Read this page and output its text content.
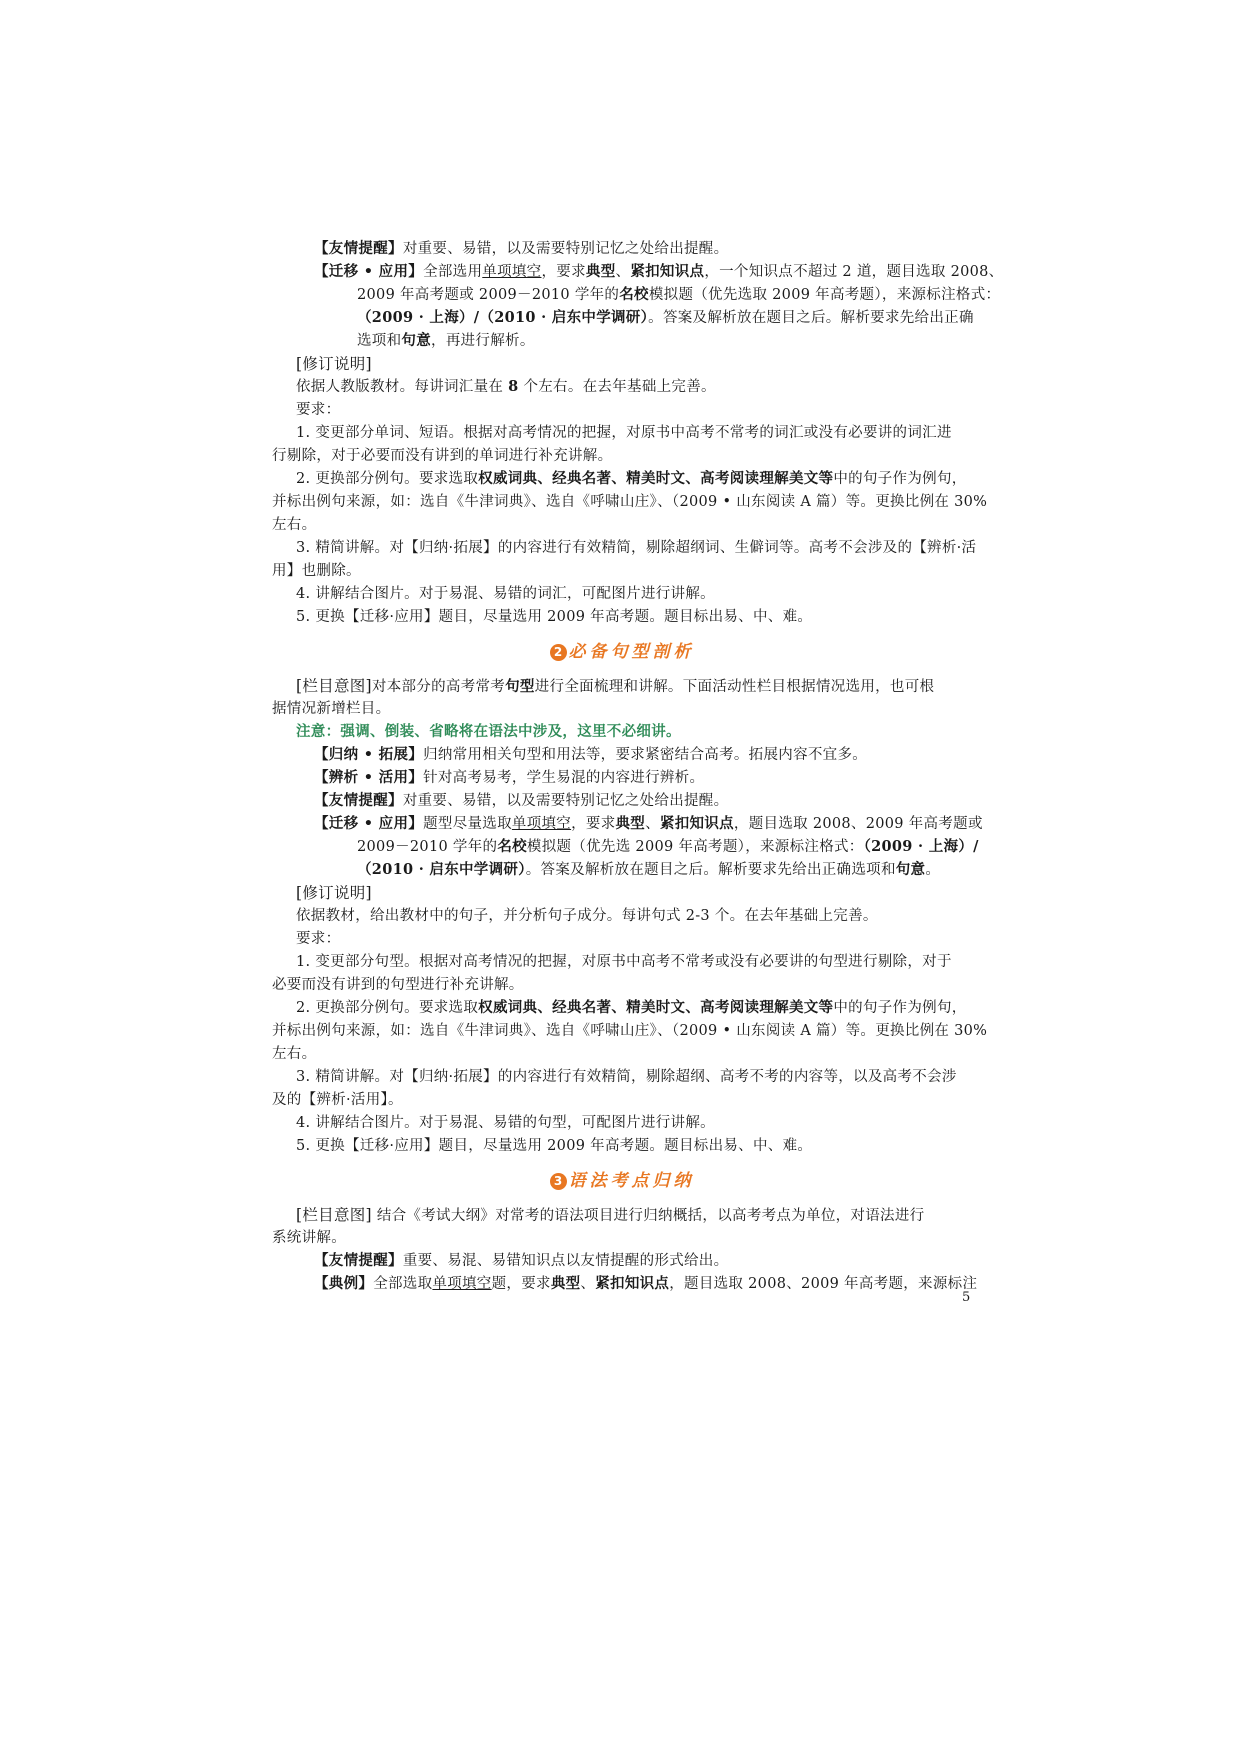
【友情提醒】对重要、易错，以及需要特别记忆之处给出提醒。
【迁移 • 应用】全部选用单项填空，要求典型、紧扣知识点，一个知识点不超过 2 道，题目选取 2008、
2009 年高考题或 2009－2010 学年的名校模拟题（优先选取 2009 年高考题），来源标注格式：
（2009 · 上海）/（2010 · 启东中学调研）。答案及解析放在题目之后。解析要求先给出正确
选项和句意，再进行解析。
[修订说明]
依据人教版教材。每讲词汇量在 8 个左右。在去年基础上完善。
要求：
1. 变更部分单词、短语。根据对高考情况的把握，对原书中高考不常考的词汇或没有必要讲的词汇进
行剔除，对于必要而没有讲到的单词进行补充讲解。
2. 更换部分例句。要求选取权威词典、经典名著、精美时文、高考阅读理解美文等中的句子作为例句，
并标出例句来源，如：选自《牛津词典》、选自《呼啸山庄》、（2009 • 山东阅读 A 篇）等。更换比例在 30%
左右。
3. 精简讲解。对【归纳·拓展】的内容进行有效精简，剔除超纲词、生僻词等。高考不会涉及的【辨析·活
用】也删除。
4. 讲解结合图片。对于易混、易错的词汇，可配图片进行讲解。
5. 更换【迁移·应用】题目，尽量选用 2009 年高考题。题目标出易、中、难。
2 必备句型剖析
[栏目意图]对本部分的高考常考句型进行全面梳理和讲解。下面活动性栏目根据情况选用，也可根
据情况新增栏目。
注意：强调、倒装、省略将在语法中涉及，这里不必细讲。
【归纳 • 拓展】归纳常用相关句型和用法等，要求紧密结合高考。拓展内容不宜多。
【辨析 • 活用】针对高考易考，学生易混的内容进行辨析。
【友情提醒】对重要、易错，以及需要特别记忆之处给出提醒。
【迁移 • 应用】题型尽量选取单项填空，要求典型、紧扣知识点，题目选取 2008、2009 年高考题或
2009－2010 学年的名校模拟题（优先选 2009 年高考题），来源标注格式：（2009 · 上海）/
（2010 · 启东中学调研）。答案及解析放在题目之后。解析要求先给出正确选项和句意。
[修订说明]
依据教材，给出教材中的句子，并分析句子成分。每讲句式 2-3 个。在去年基础上完善。
要求：
1. 变更部分句型。根据对高考情况的把握，对原书中高考不常考或没有必要讲的句型进行剔除，对于
必要而没有讲到的句型进行补充讲解。
2. 更换部分例句。要求选取权威词典、经典名著、精美时文、高考阅读理解美文等中的句子作为例句，
并标出例句来源，如：选自《牛津词典》、选自《呼啸山庄》、（2009 • 山东阅读 A 篇）等。更换比例在 30%
左右。
3. 精简讲解。对【归纳·拓展】的内容进行有效精简，剔除超纲、高考不考的内容等，以及高考不会涉
及的【辨析·活用】。
4. 讲解结合图片。对于易混、易错的句型，可配图片进行讲解。
5. 更换【迁移·应用】题目，尽量选用 2009 年高考题。题目标出易、中、难。
3 语法考点归纳
[栏目意图] 结合《考试大纲》对常考的语法项目进行归纳概括，以高考考点为单位，对语法进行
系统讲解。
【友情提醒】重要、易混、易错知识点以友情提醒的形式给出。
【典例】全部选取单项填空题，要求典型、紧扣知识点，题目选取 2008、2009 年高考题，来源标注
5
